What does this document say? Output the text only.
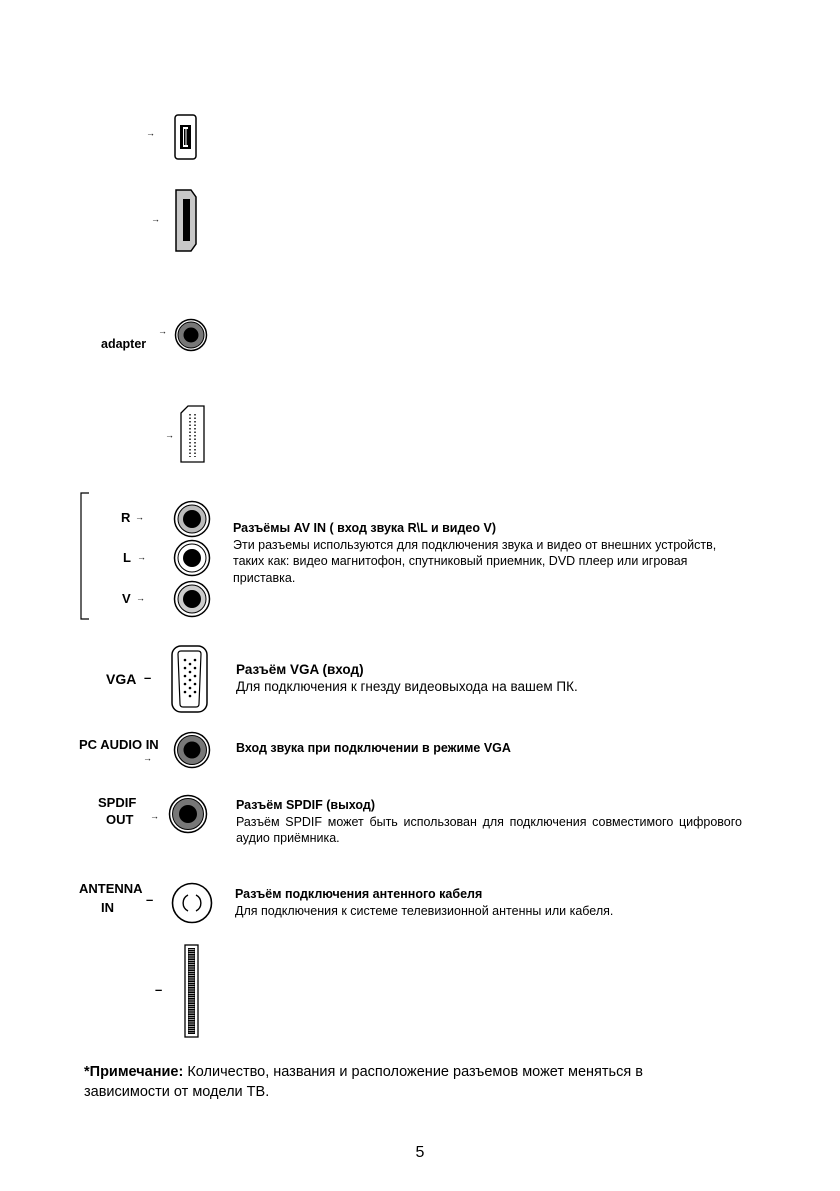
→
→
adapter
→
→
R →
L →
V →
Разъёмы AV IN ( вход звука R\L и видео V)
Эти разъемы используются для подключения звука и видео от внешних устройств, таких как: видео магнитофон, спутниковый приемник, DVD плеер или игровая приставка.
VGA –
Разъём VGA (вход)
Для подключения к гнезду видеовыхода на вашем ПК.
PC AUDIO IN
→
Вход звука при подключении в режиме VGA
SPDIF
OUT →
Разъём SPDIF (выход)
Разъём SPDIF может быть использован для подключения совместимого цифрового аудио приёмника.
ANTENNA
IN
–	Разъём подключения антенного кабеля
Для подключения к системе телевизионной антенны или кабеля.
–
*Примечание: Количество, названия и расположение разъемов может меняться в зависимости от модели ТВ.
5
